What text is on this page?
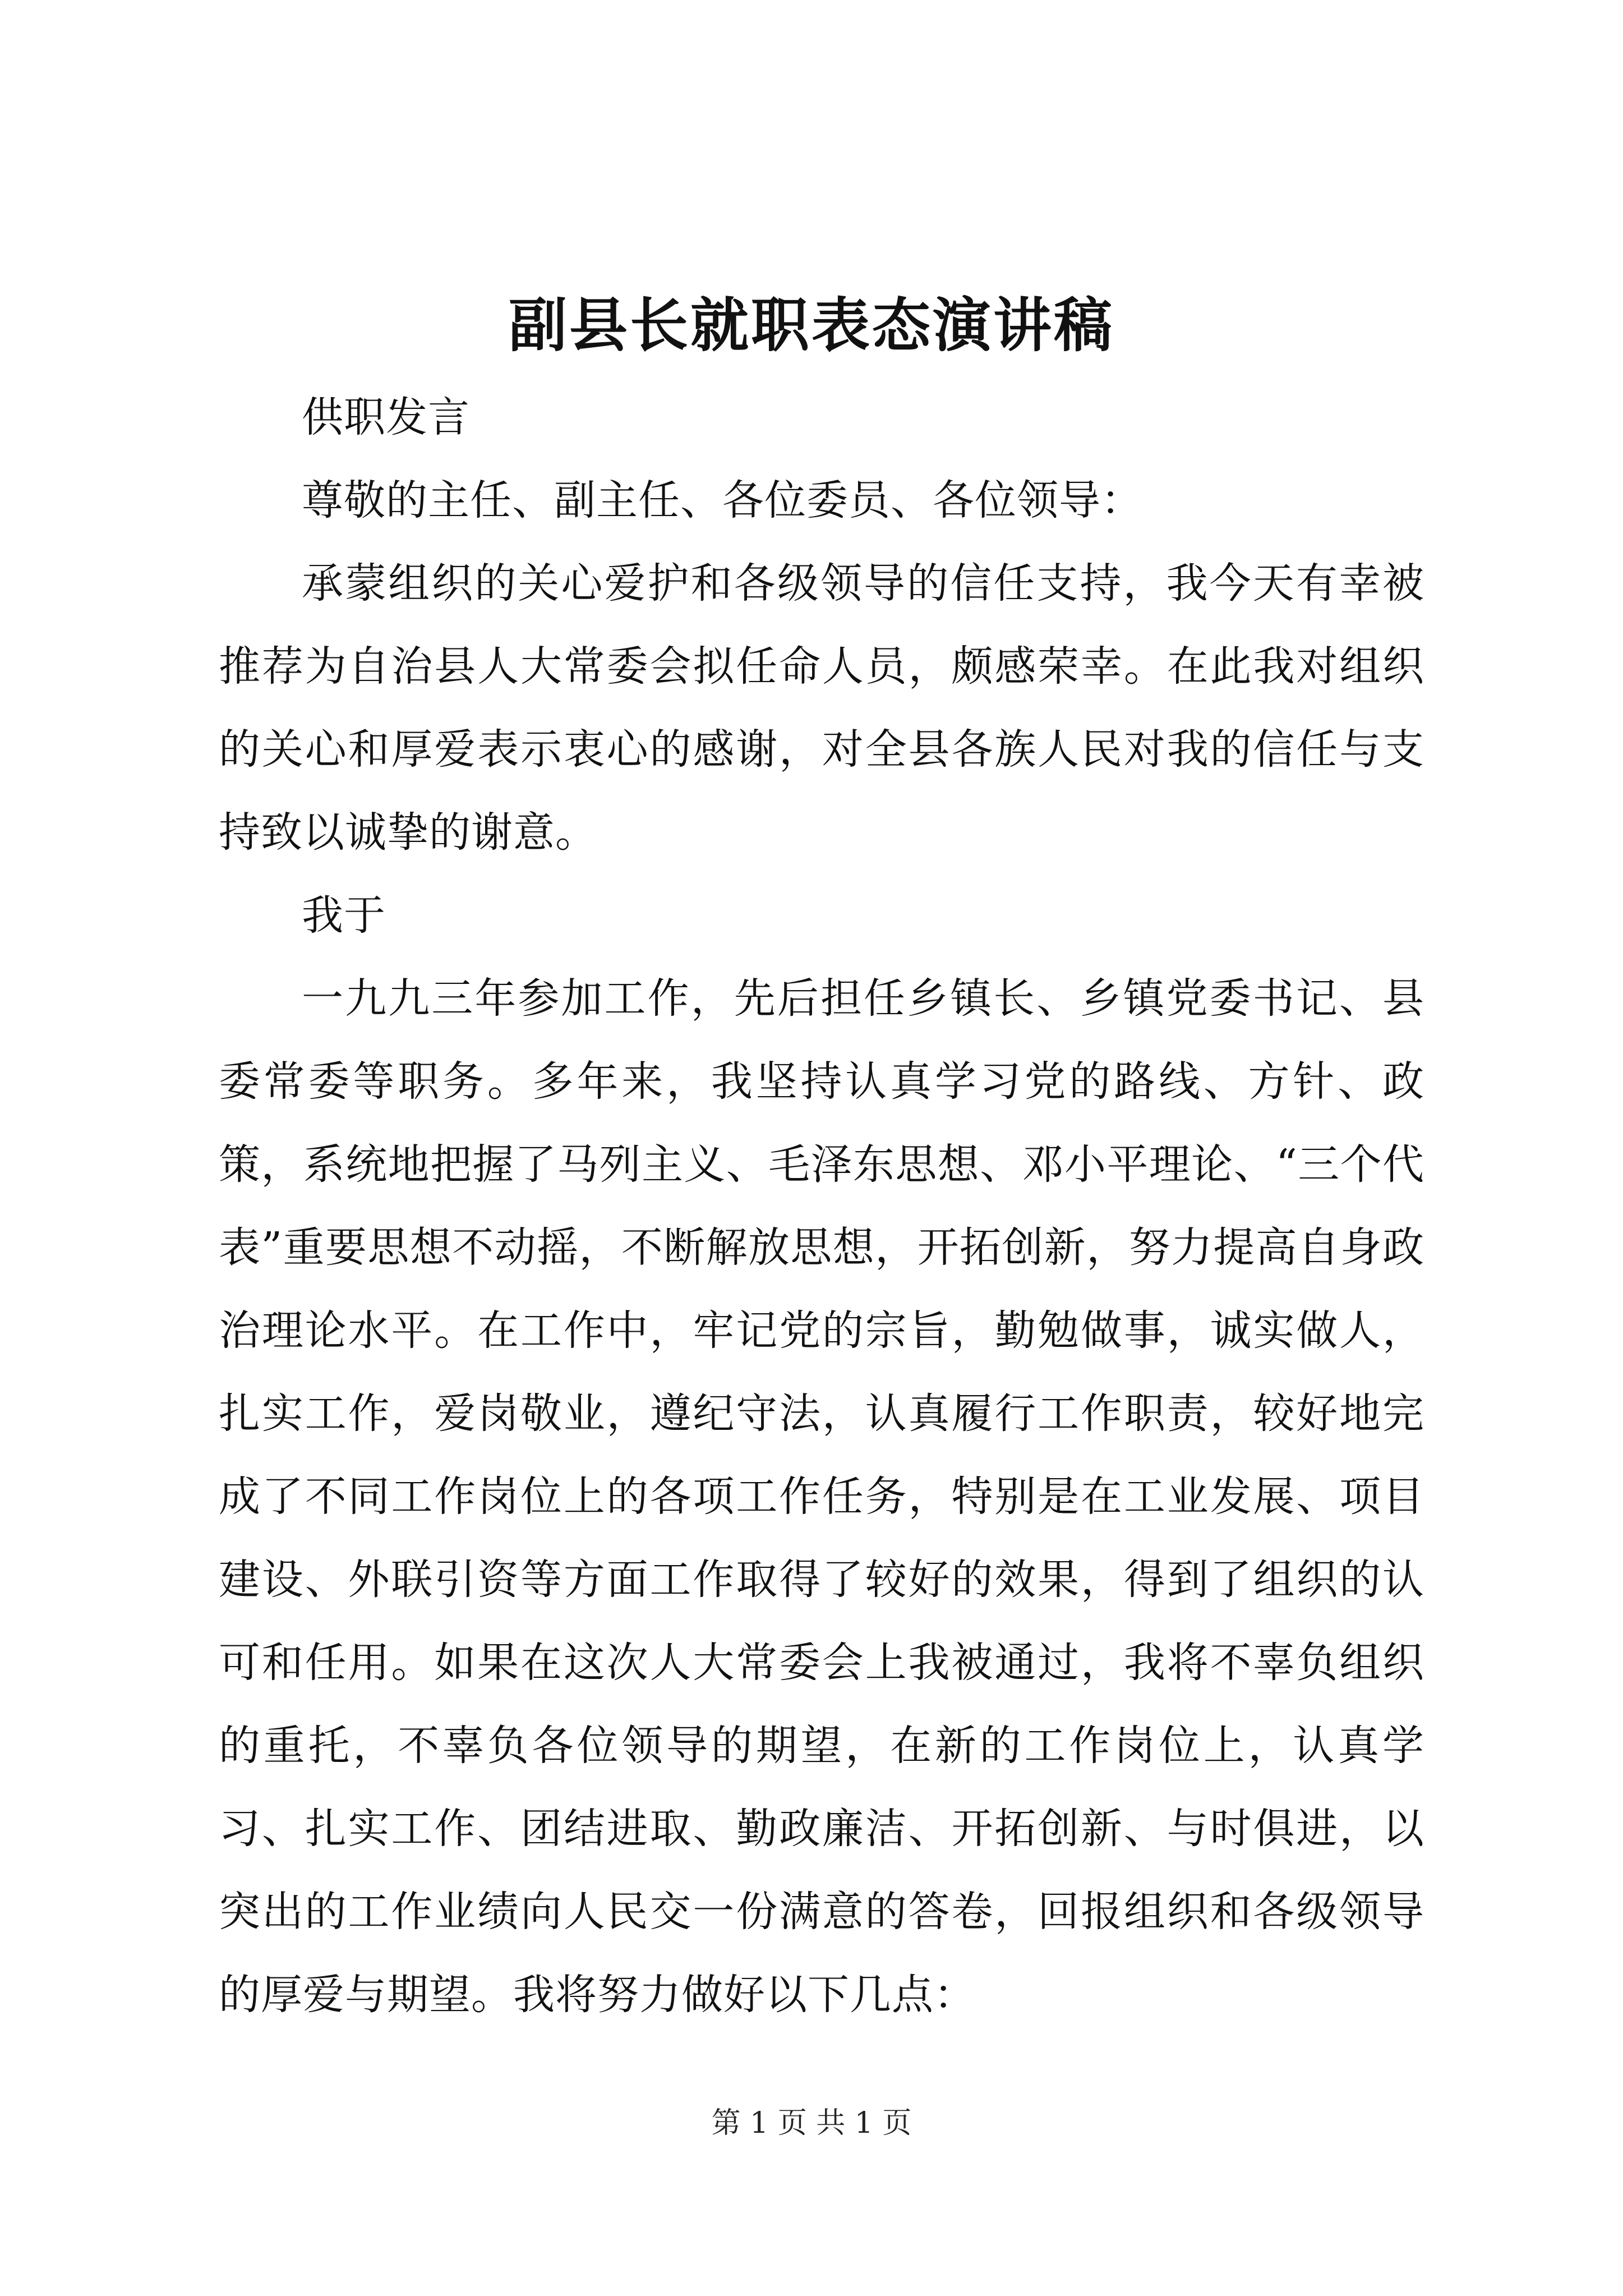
副县长就职表态演讲稿

供职发言

尊敬的主任、副主任、各位委员、各位领导：

承蒙组织的关心爱护和各级领导的信任支持，我今天有幸被推荐为自治县人大常委会拟任命人员，颇感荣幸。在此我对组织的关心和厚爱表示衷心的感谢，对全县各族人民对我的信任与支持致以诚挚的谢意。

我于

一九九三年参加工作，先后担任乡镇长、乡镇党委书记、县委常委等职务。多年来，我坚持认真学习党的路线、方针、政策，系统地把握了马列主义、毛泽东思想、邓小平理论、“三个代表”重要思想不动摇，不断解放思想，开拓创新，努力提高自身政治理论水平。在工作中，牢记党的宗旨，勤勉做事，诚实做人，扎实工作，爱岗敬业，遵纪守法，认真履行工作职责，较好地完成了不同工作岗位上的各项工作任务，特别是在工业发展、项目建设、外联引资等方面工作取得了较好的效果，得到了组织的认可和任用。如果在这次人大常委会上我被通过，我将不辜负组织的重托，不辜负各位领导的期望，在新的工作岗位上，认真学习、扎实工作、团结进取、勤政廉洁、开拓创新、与时俱进，以突出的工作业绩向人民交一份满意的答卷，回报组织和各级领导的厚爱与期望。我将努力做好以下几点：

第 1 页 共 1 页
